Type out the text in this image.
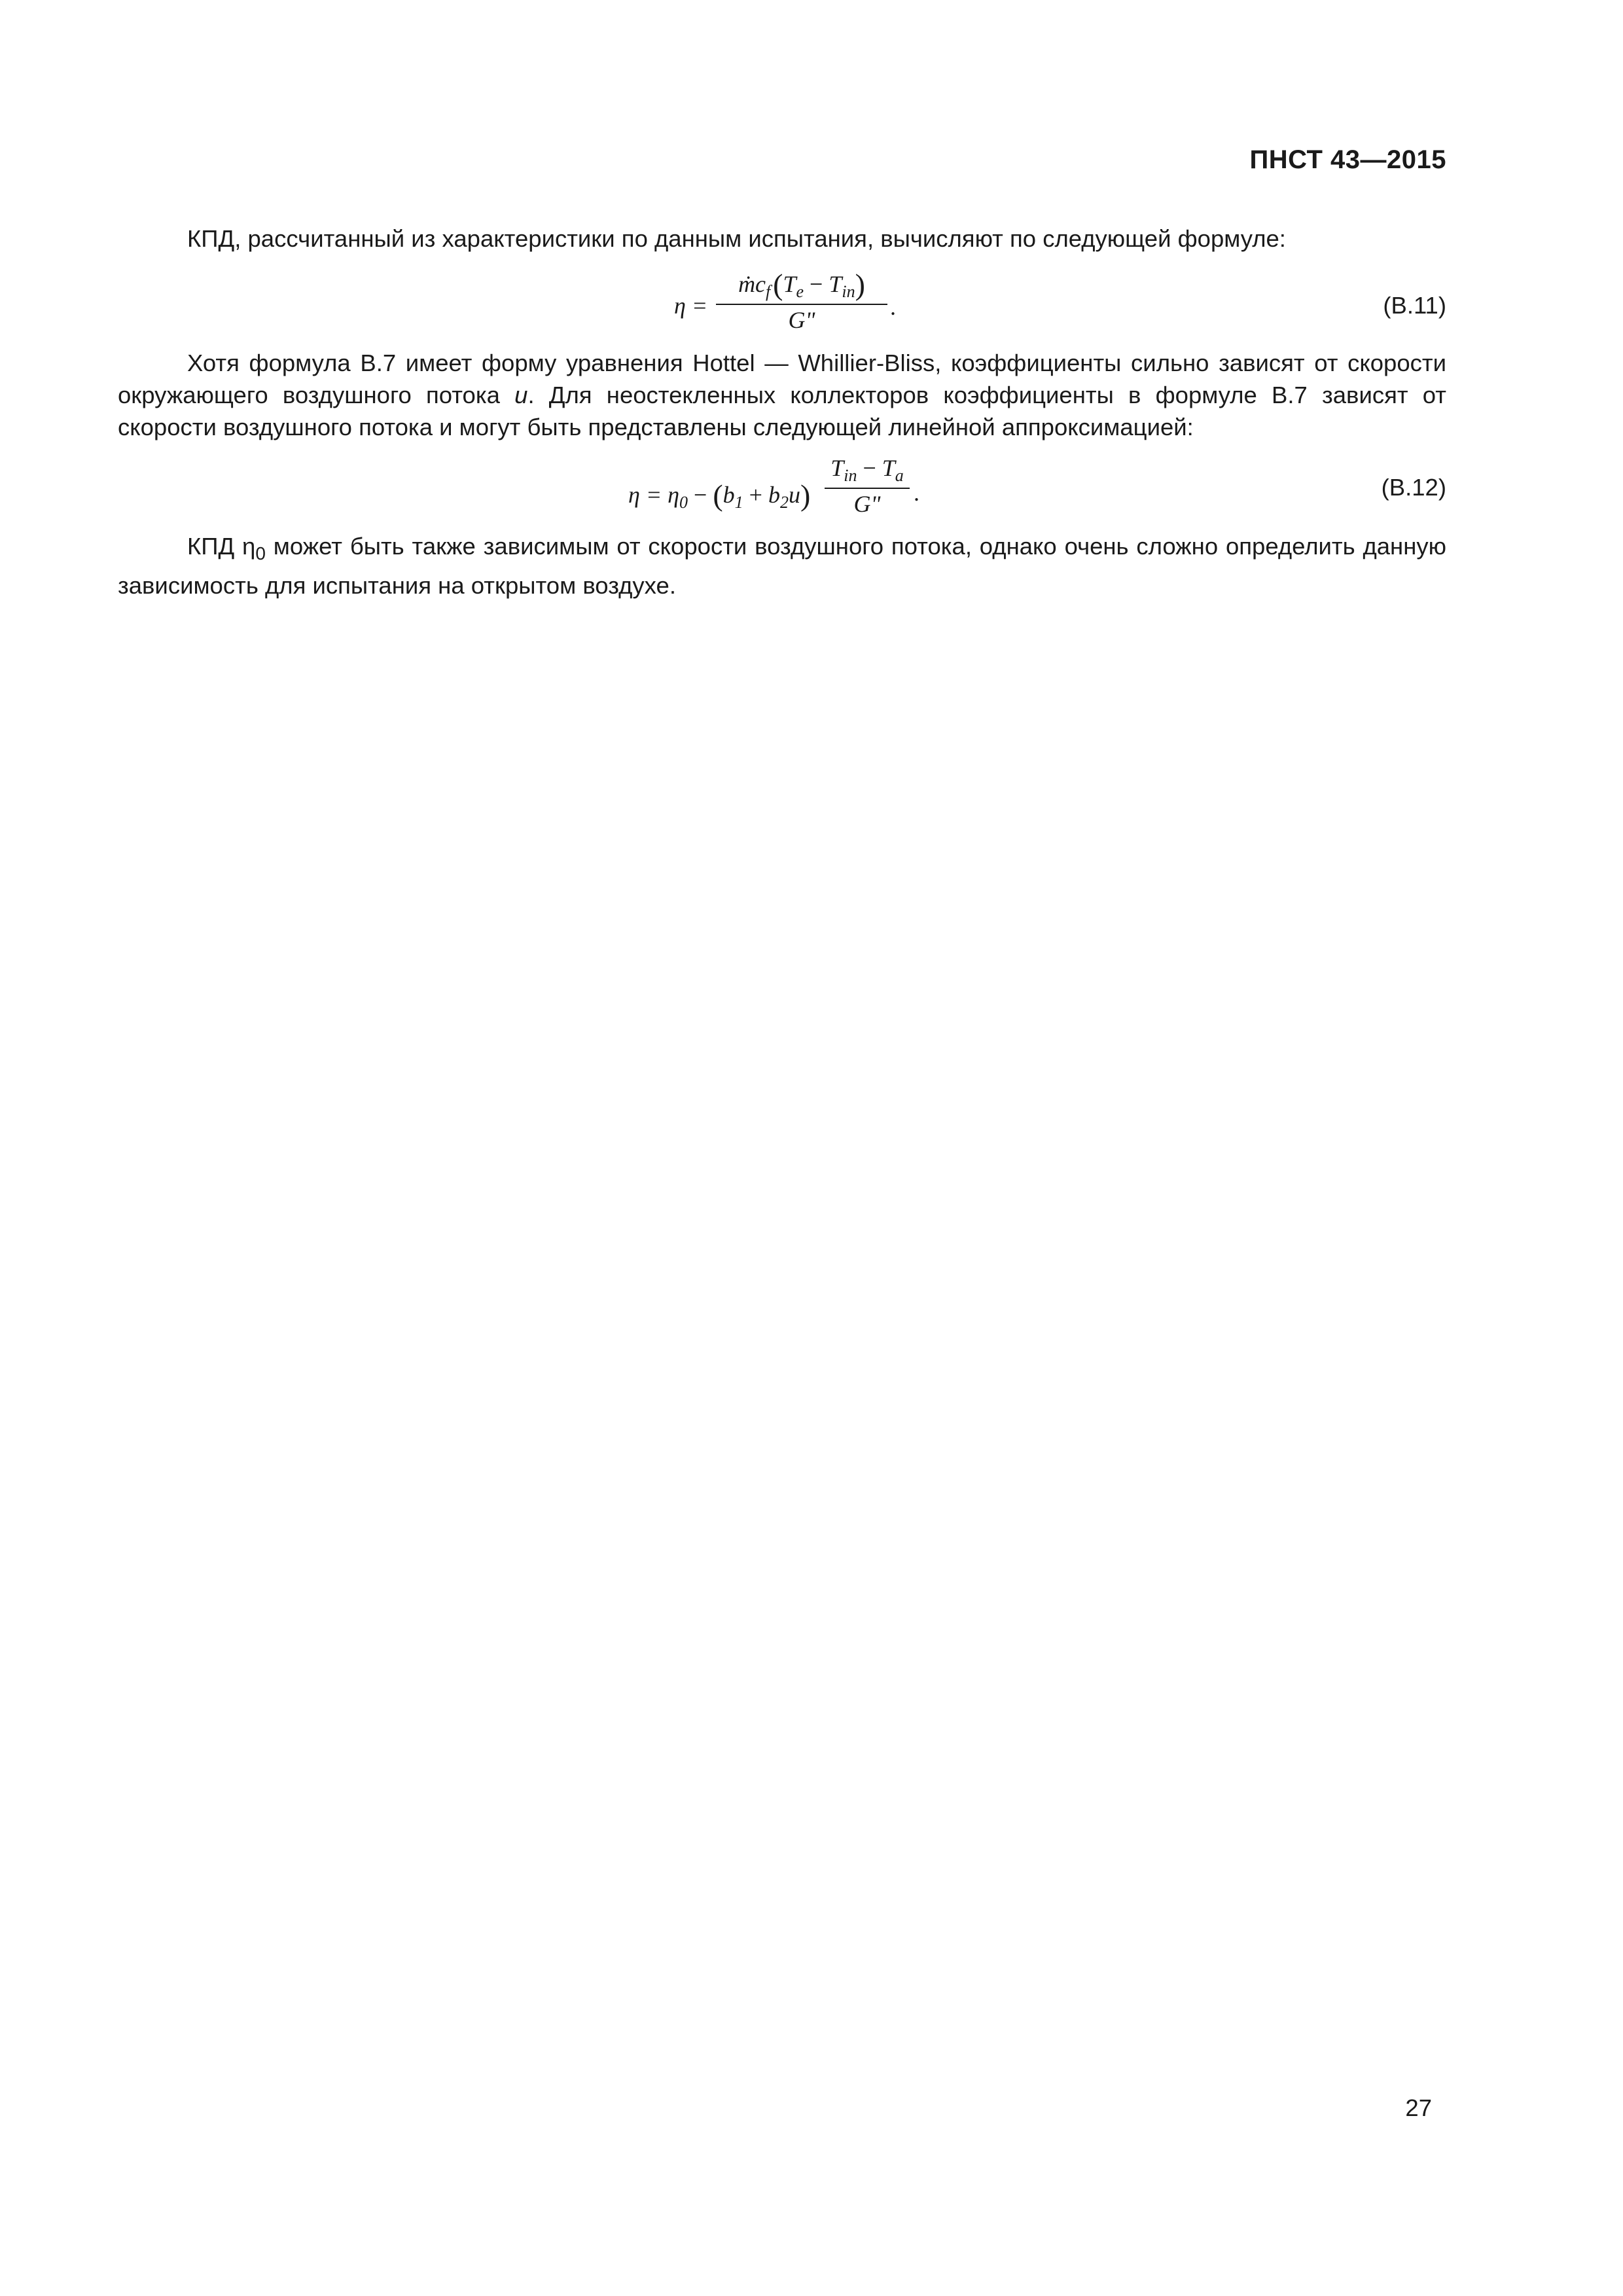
ПНСТ 43—2015
КПД, рассчитанный из характеристики по данным испытания, вычисляют по следующей формуле:
η =
ṁc$_f$ $(T_e - T_{in})$
G"	.	(B.11)
Хотя формула В.7 имеет форму уравнения Hottel — Whillier-Bliss, коэффициенты сильно зависят от скорости окружающего воздушного потока u. Для неостекленных коллекторов коэффициенты в формуле В.7 зависят от скорости воздушного потока и могут быть представлены следующей линейной аппроксимацией:
$\eta = \eta_0 - (b_1 + b_2u)$
$T_{in} - T_a$
G"	.	(B.12)
КПД $\eta_0$ может быть также зависимым от скорости воздушного потока, однако очень сложно определить данную зависимость для испытания на открытом воздухе.
27
